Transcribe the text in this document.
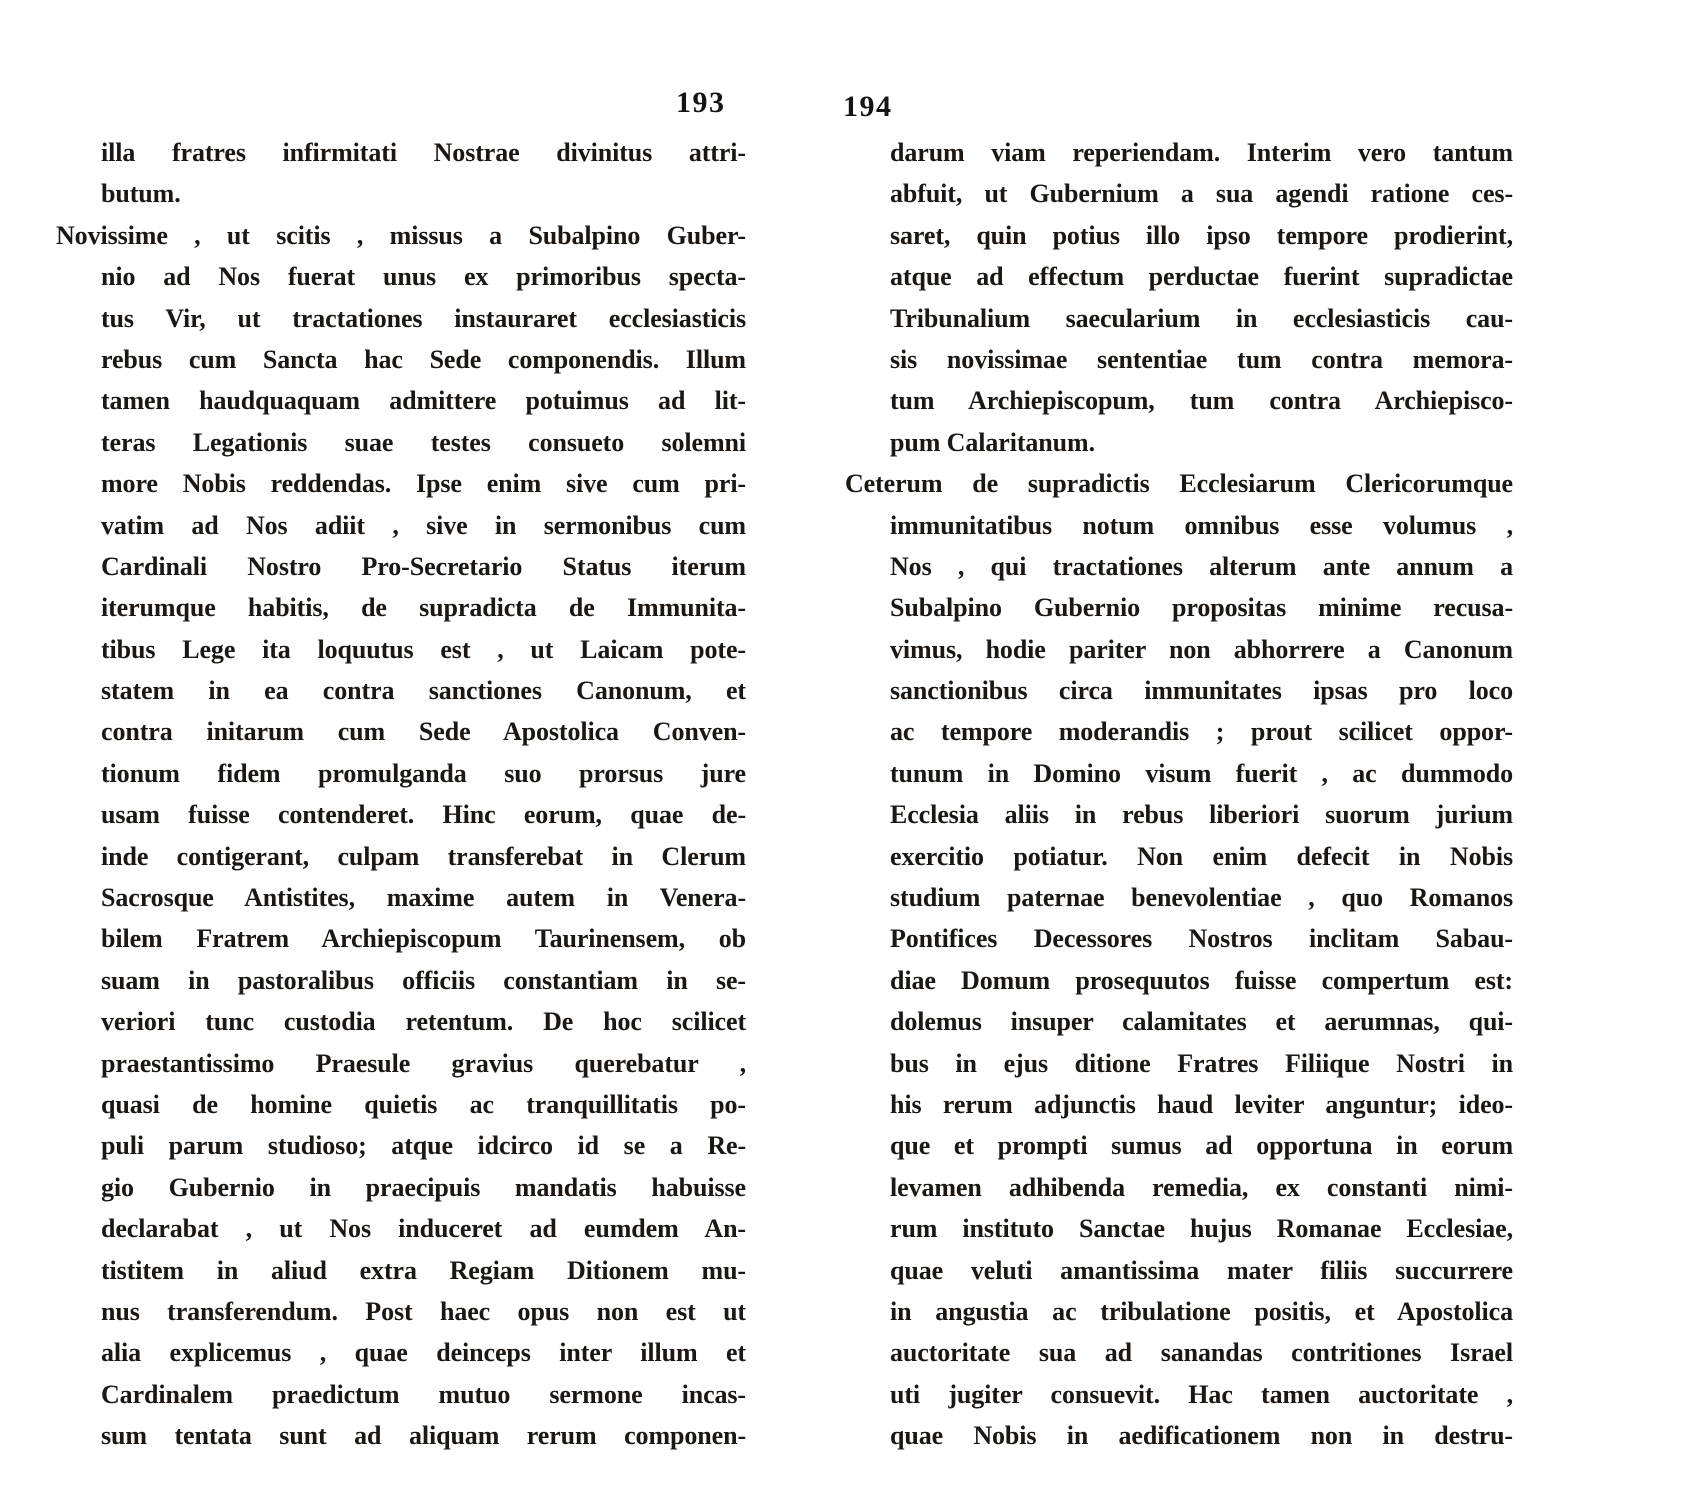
193	194
illa fratres infirmitati Nostrae divinitus attri-
butum.
Novissime , ut scitis , missus a Subalpino Guber-
nio ad Nos fuerat unus ex primoribus specta-
tus Vir, ut tractationes instauraret ecclesiasticis
rebus cum Sancta hac Sede componendis. Illum
tamen haudquaquam admittere potuimus ad lit-
teras Legationis suae testes consueto solemni
more Nobis reddendas. Ipse enim sive cum pri-
vatim ad Nos adiit , sive in sermonibus cum
Cardinali Nostro Pro-Secretario Status iterum
iterumque habitis, de supradicta de Immunita-
tibus Lege ita loquutus est , ut Laicam pote-
statem in ea contra sanctiones Canonum, et
contra initarum cum Sede Apostolica Conven-
tionum fidem promulganda suo prorsus jure
usam fuisse contenderet. Hinc eorum, quae de-
inde contigerant, culpam transferebat in Clerum
Sacrosque Antistites, maxime autem in Venera-
bilem Fratrem Archiepiscopum Taurinensem, ob
suam in pastoralibus officiis constantiam in se-
veriori tunc custodia retentum. De hoc scilicet
praestantissimo Praesule gravius querebatur ,
quasi de homine quietis ac tranquillitatis po-
puli parum studioso; atque idcirco id se a Re-
gio Gubernio in praecipuis mandatis habuisse
declarabat , ut Nos induceret ad eumdem An-
tistitem in aliud extra Regiam Ditionem mu-
nus transferendum. Post haec opus non est ut
alia explicemus , quae deinceps inter illum et
Cardinalem praedictum mutuo sermone incas-
sum tentata sunt ad aliquam rerum componen-
darum viam reperiendam. Interim vero tantum
abfuit, ut Gubernium a sua agendi ratione ces-
saret, quin potius illo ipso tempore prodierint,
atque ad effectum perductae fuerint supradictae
Tribunalium saecularium in ecclesiasticis cau-
sis novissimae sententiae tum contra memora-
tum Archiepiscopum, tum contra Archiepisco-
pum Calaritanum.
Ceterum de supradictis Ecclesiarum Clericorumque
immunitatibus notum omnibus esse volumus ,
Nos , qui tractationes alterum ante annum a
Subalpino Gubernio propositas minime recusa-
vimus, hodie pariter non abhorrere a Canonum
sanctionibus circa immunitates ipsas pro loco
ac tempore moderandis ; prout scilicet oppor-
tunum in Domino visum fuerit , ac dummodo
Ecclesia aliis in rebus liberiori suorum jurium
exercitio potiatur. Non enim defecit in Nobis
studium paternae benevolentiae , quo Romanos
Pontifices Decessores Nostros inclitam Sabau-
diae Domum prosequutos fuisse compertum est:
dolemus insuper calamitates et aerumnas, qui-
bus in ejus ditione Fratres Filiique Nostri in
his rerum adjunctis haud leviter anguntur; ideo-
que et prompti sumus ad opportuna in eorum
levamen adhibenda remedia, ex constanti nimi-
rum instituto Sanctae hujus Romanae Ecclesiae,
quae veluti amantissima mater filiis succurrere
in angustia ac tribulatione positis, et Apostolica
auctoritate sua ad sanandas contritiones Israel
uti jugiter consuevit. Hac tamen auctoritate ,
quae Nobis in aedificationem non in destru-
